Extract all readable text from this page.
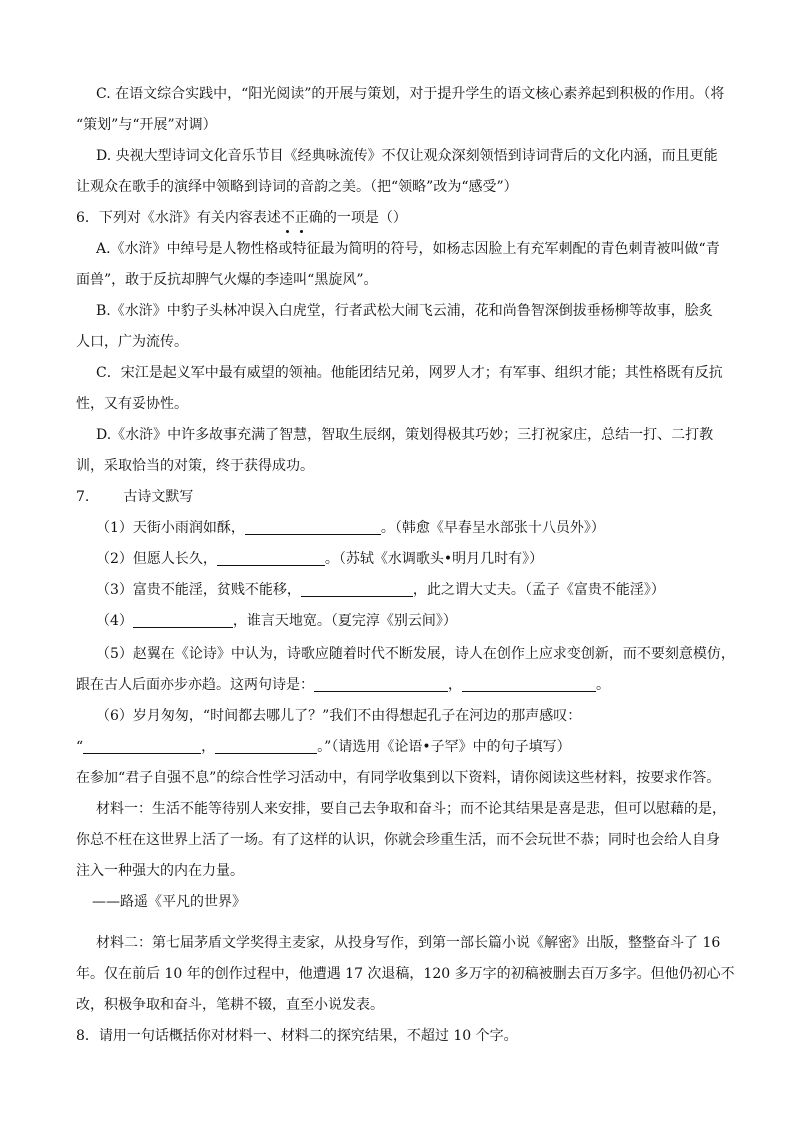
C. 在语文综合实践中，“阳光阅读”的开展与策划，对于提升学生的语文核心素养起到积极的作用。（将
“策划”与“开展”对调）
D. 央视大型诗词文化音乐节目《经典咏流传》不仅让观众深刻领悟到诗词背后的文化内涵，而且更能
让观众在歌手的演绎中领略到诗词的音韵之美。（把“领略”改为“感受”）
6．下列对《水浒》有关内容表述不正确的一项是（）
A.《水浒》中绰号是人物性格或特征最为简明的符号，如杨志因脸上有充军刺配的青色刺青被叫做“青
面兽”，敢于反抗却脾气火爆的李逵叫“黑旋风”。
B.《水浒》中豹子头林冲误入白虎堂，行者武松大闹飞云浦，花和尚鲁智深倒拔垂杨柳等故事，脍炙
人口，广为流传。
C．宋江是起义军中最有威望的领袖。他能团结兄弟，网罗人才；有军事、组织才能；其性格既有反抗
性，又有妥协性。
D.《水浒》中许多故事充满了智慧，智取生辰纲，策划得极其巧妙；三打祝家庄，总结一打、二打教
训，采取恰当的对策，终于获得成功。
7. 古诗文默写
（1）天街小雨润如酥，	。（韩愈《早春呈水部张十八员外》）
（2）但愿人长久，	。（苏轼《水调歌头•明月几时有》）
（3）富贵不能淫，贫贱不能移，	，此之谓大丈夫。（孟子《富贵不能淫》）
（4）	，谁言天地宽。（夏完淳《别云间》）
（5）赵翼在《论诗》中认为，诗歌应随着时代不断发展，诗人在创作上应求变创新，而不要刻意模仿，
跟在古人后面亦步亦趋。这两句诗是：	，	。
（6）岁月匆匆，“时间都去哪儿了？”我们不由得想起孔子在河边的那声感叹：
“	，	。”（请选用《论语•子罕》中的句子填写）
在参加“君子自强不息”的综合性学习活动中，有同学收集到以下资料，请你阅读这些材料，按要求作答。
材料一：生活不能等待别人来安排，要自己去争取和奋斗；而不论其结果是喜是悲，但可以慰藉的是，
你总不枉在这世界上活了一场。有了这样的认识，你就会珍重生活，而不会玩世不恭；同时也会给人自身
注入一种强大的内在力量。
——路遥《平凡的世界》
材料二：第七届茅盾文学奖得主麦家，从投身写作，到第一部长篇小说《解密》出版，整整奋斗了 16
年。仅在前后 10 年的创作过程中，他遭遇 17 次退稿，120 多万字的初稿被删去百万多字。但他仍初心不
改，积极争取和奋斗，笔耕不辍，直至小说发表。
8．请用一句话概括你对材料一、材料二的探究结果，不超过 10 个字。
